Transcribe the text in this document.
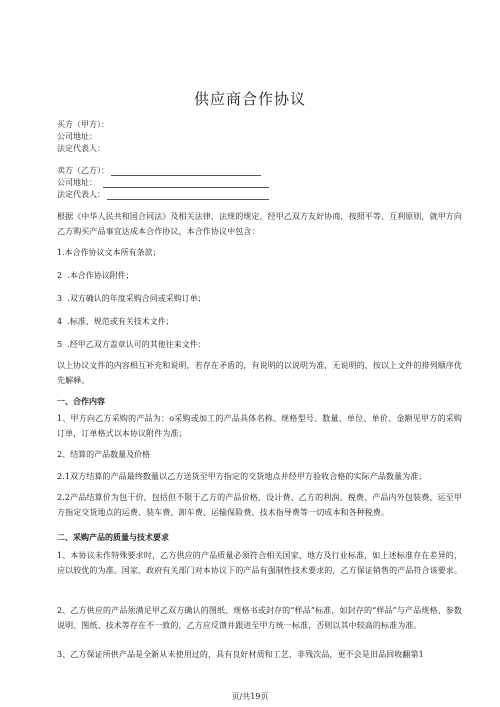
供应商合作协议
买方（甲方）：
公司地址：
法定代表人：
卖方（乙方）：
公司地址：
法定代表人：
根据《中华人民共和国合同法》及相关法律、法规的规定，经甲乙双方友好协商，按照平等、互利原则，就甲方向乙方购买产品事宜达成本合作协议，本合作协议中包含：
1.本合作协议文本所有条款；
2  .本合作协议附件；
3  .双方确认的年度采购合同或采购订单；
4  .标准、规范或有关技术文件；
5  .经甲乙双方盖章认可的其他往来文件：
以上协议文件的内容相互补充和说明，若存在矛盾的，有说明的以说明为准，无说明的，按以上文件的排列顺序优先解释。
一、合作内容
1、甲方向乙方采购的产品为：o采购或加工的产品具体名称、规格型号、数量、单位、单价、金额见甲方的采购订单，订单格式以本协议附件为准；
2、结算的产品数量及价格
2.1双方结算的产品最终数量以乙方送货至甲方指定的交货地点并经甲方验收合格的实际产品数量为准；
2.2产品结算价为包干价，包括但不限于乙方的产品价格、设计费、乙方的利润、税费、产品内外包装费、运至甲方指定交货地点的运费、装车费、卸车费、运输保险费、技术指导费等一切成本和各种税费。
二、采购产品的质量与技术要求
1、本协议未作特殊要求时，乙方供应的产品质量必须符合相关国家、地方及行业标准，如上述标准存在差异的，应以较优的为准。国家、政府有关部门对本协议下的产品有强制性技术要求的，乙方保证销售的产品符合该要求。
2、乙方供应的产品须满足甲乙双方确认的图纸、规格书或封存的“样品”标准，如封存的“样品”与产品规格、参数说明、图纸、技术等存在不一致的，乙方应反馈并跟进至甲方统一标准，否则以其中较高的标准为准。
3、乙方保证所供产品是全新从未使用过的，具有良好材质和工艺，非残次品，更不会是旧品回收翻第1
页/共19页
